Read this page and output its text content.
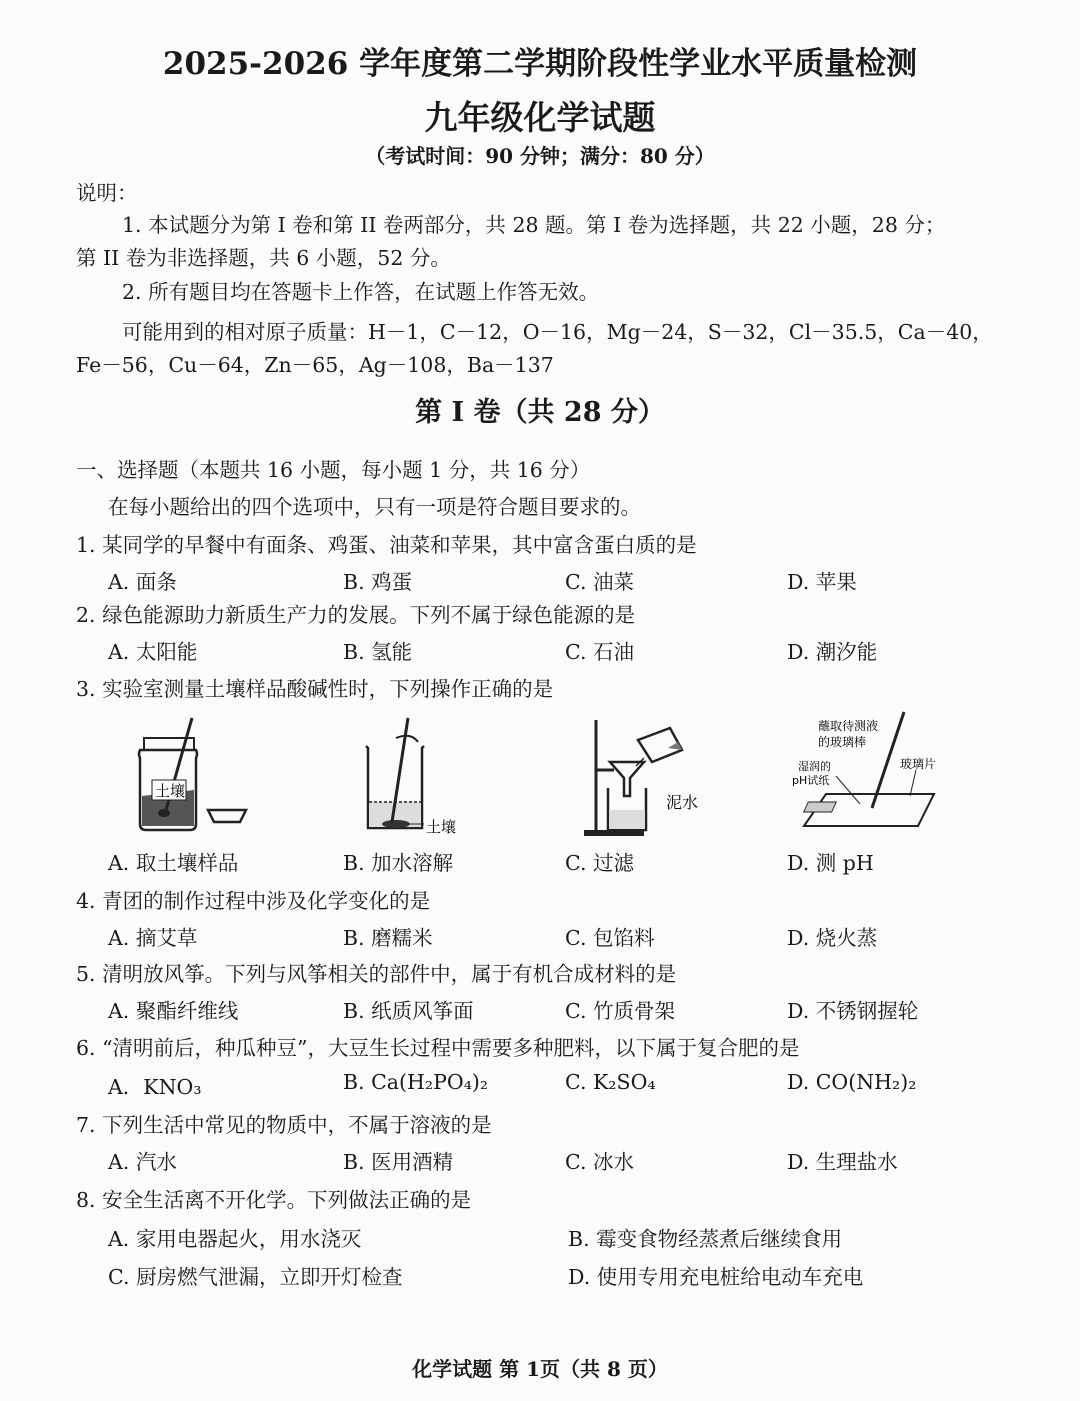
2025-2026 学年度第二学期阶段性学业水平质量检测
九年级化学试题
（考试时间：90 分钟；满分：80 分）
说明：
1. 本试题分为第 I 卷和第 II 卷两部分，共 28 题。第 I 卷为选择题，共 22 小题，28 分；
第 II 卷为非选择题，共 6 小题，52 分。
2. 所有题目均在答题卡上作答，在试题上作答无效。
可能用到的相对原子质量：H－1，C－12，O－16，Mg－24，S－32，Cl－35.5，Ca－40，
Fe－56，Cu－64，Zn－65，Ag－108，Ba－137
第 I 卷（共 28 分）
一、选择题（本题共 16 小题，每小题 1 分，共 16 分）
在每小题给出的四个选项中，只有一项是符合题目要求的。
1. 某同学的早餐中有面条、鸡蛋、油菜和苹果，其中富含蛋白质的是
A. 面条	B. 鸡蛋	C. 油菜	D. 苹果
2. 绿色能源助力新质生产力的发展。下列不属于绿色能源的是
A. 太阳能	B. 氢能	C. 石油	D. 潮汐能
3. 实验室测量土壤样品酸碱性时，下列操作正确的是
土壤
土壤
泥水
蘸取待测液
的玻璃棒
湿润的
pH试纸
玻璃片
A. 取土壤样品	B. 加水溶解	C. 过滤	D. 测 pH
4. 青团的制作过程中涉及化学变化的是
A. 摘艾草	B. 磨糯米	C. 包馅料	D. 烧火蒸
5. 清明放风筝。下列与风筝相关的部件中，属于有机合成材料的是
A. 聚酯纤维线	B. 纸质风筝面	C. 竹质骨架	D. 不锈钢握轮
6. “清明前后，种瓜种豆”，大豆生长过程中需要多种肥料，以下属于复合肥的是
A．KNO₃	B. Ca(H₂PO₄)₂	C. K₂SO₄	D. CO(NH₂)₂
7. 下列生活中常见的物质中，不属于溶液的是
A. 汽水	B. 医用酒精	C. 冰水	D. 生理盐水
8. 安全生活离不开化学。下列做法正确的是
A. 家用电器起火，用水浇灭	B. 霉变食物经蒸煮后继续食用
C. 厨房燃气泄漏，立即开灯检查	D. 使用专用充电桩给电动车充电
化学试题 第 1页（共 8 页）
